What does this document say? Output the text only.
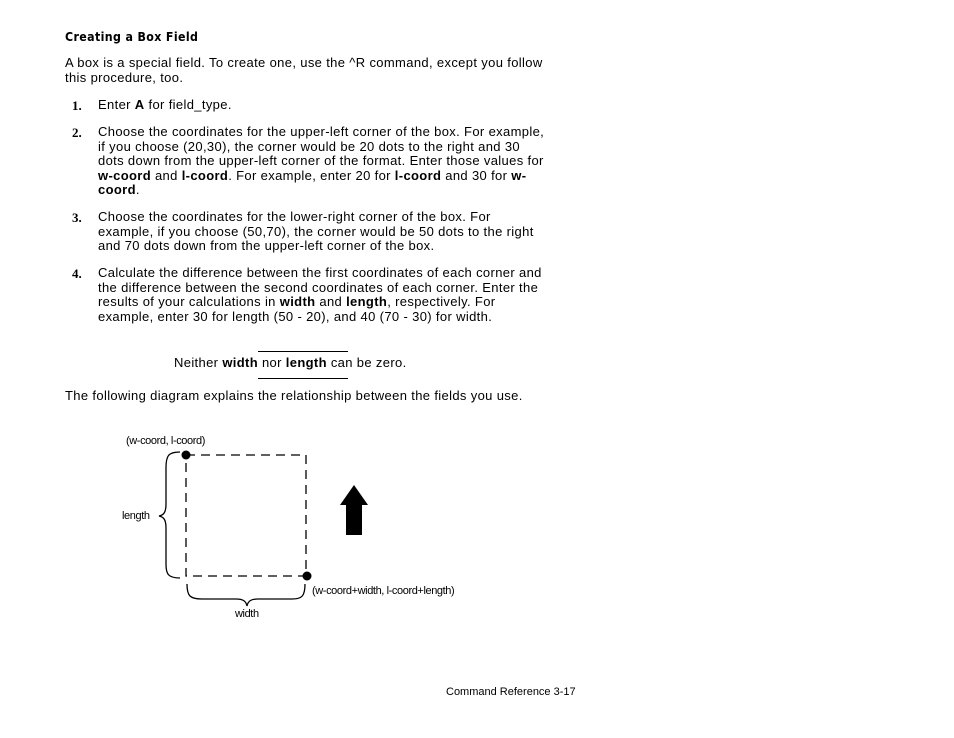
Creating a Box Field
A box is a special field. To create one, use the ^R command, except you follow this procedure, too.
1. Enter A for field_type.
2. Choose the coordinates for the upper-left corner of the box. For example, if you choose (20,30), the corner would be 20 dots to the right and 30 dots down from the upper-left corner of the format. Enter those values for w-coord and l-coord. For example, enter 20 for l-coord and 30 for w-coord.
3. Choose the coordinates for the lower-right corner of the box. For example, if you choose (50,70), the corner would be 50 dots to the right and 70 dots down from the upper-left corner of the box.
4. Calculate the difference between the first coordinates of each corner and the difference between the second coordinates of each corner. Enter the results of your calculations in width and length, respectively. For example, enter 30 for length (50 - 20), and 40 (70 - 30) for width.
Neither width nor length can be zero.
The following diagram explains the relationship between the fields you use.
(w-coord, l-coord)
length
(w-coord+width, l-coord+length)
width
Command Reference 3-17
